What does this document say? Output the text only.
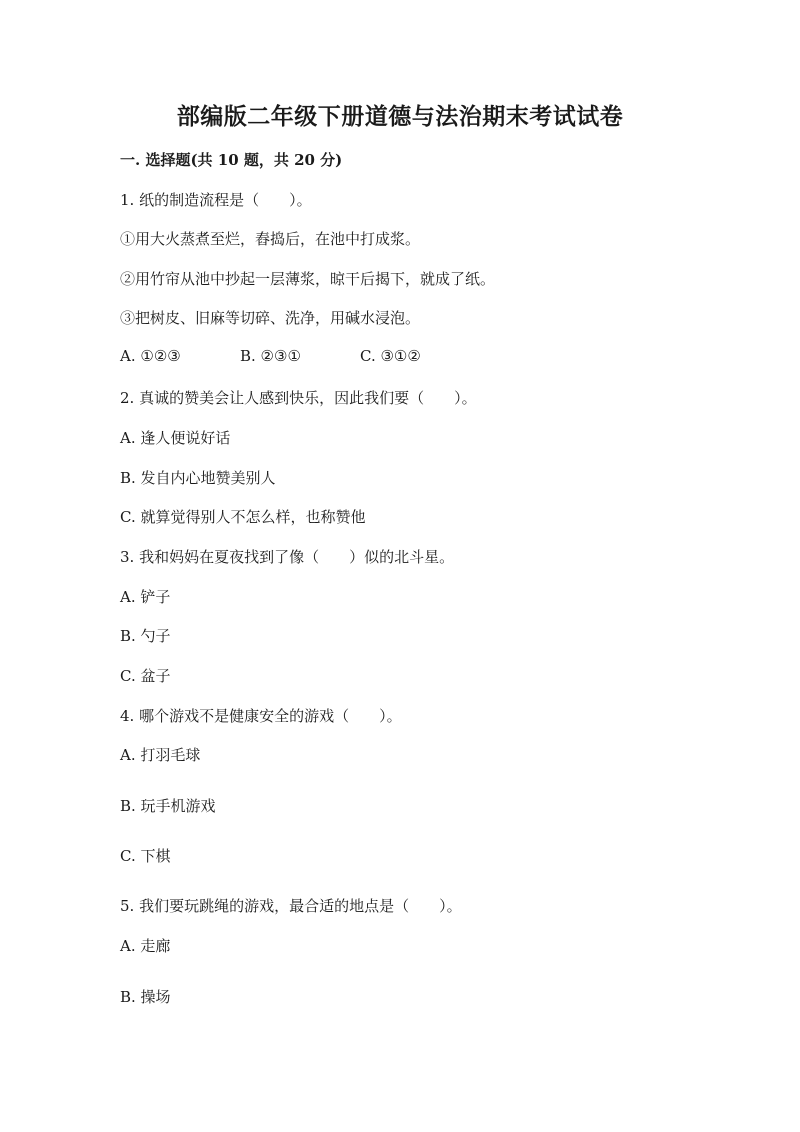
部编版二年级下册道德与法治期末考试试卷
一. 选择题(共 10 题，共 20 分)
1. 纸的制造流程是（　　）。
①用大火蒸煮至烂，舂捣后，在池中打成浆。
②用竹帘从池中抄起一层薄浆，晾干后揭下，就成了纸。
③把树皮、旧麻等切碎、洗净，用碱水浸泡。
A. ①②③	B. ②③①	C. ③①②
2. 真诚的赞美会让人感到快乐，因此我们要（　　）。
A. 逢人便说好话
B. 发自内心地赞美别人
C. 就算觉得别人不怎么样，也称赞他
3. 我和妈妈在夏夜找到了像（　　）似的北斗星。
A. 铲子
B. 勺子
C. 盆子
4. 哪个游戏不是健康安全的游戏（　　）。
A. 打羽毛球
B. 玩手机游戏
C. 下棋
5. 我们要玩跳绳的游戏，最合适的地点是（　　）。
A. 走廊
B. 操场
